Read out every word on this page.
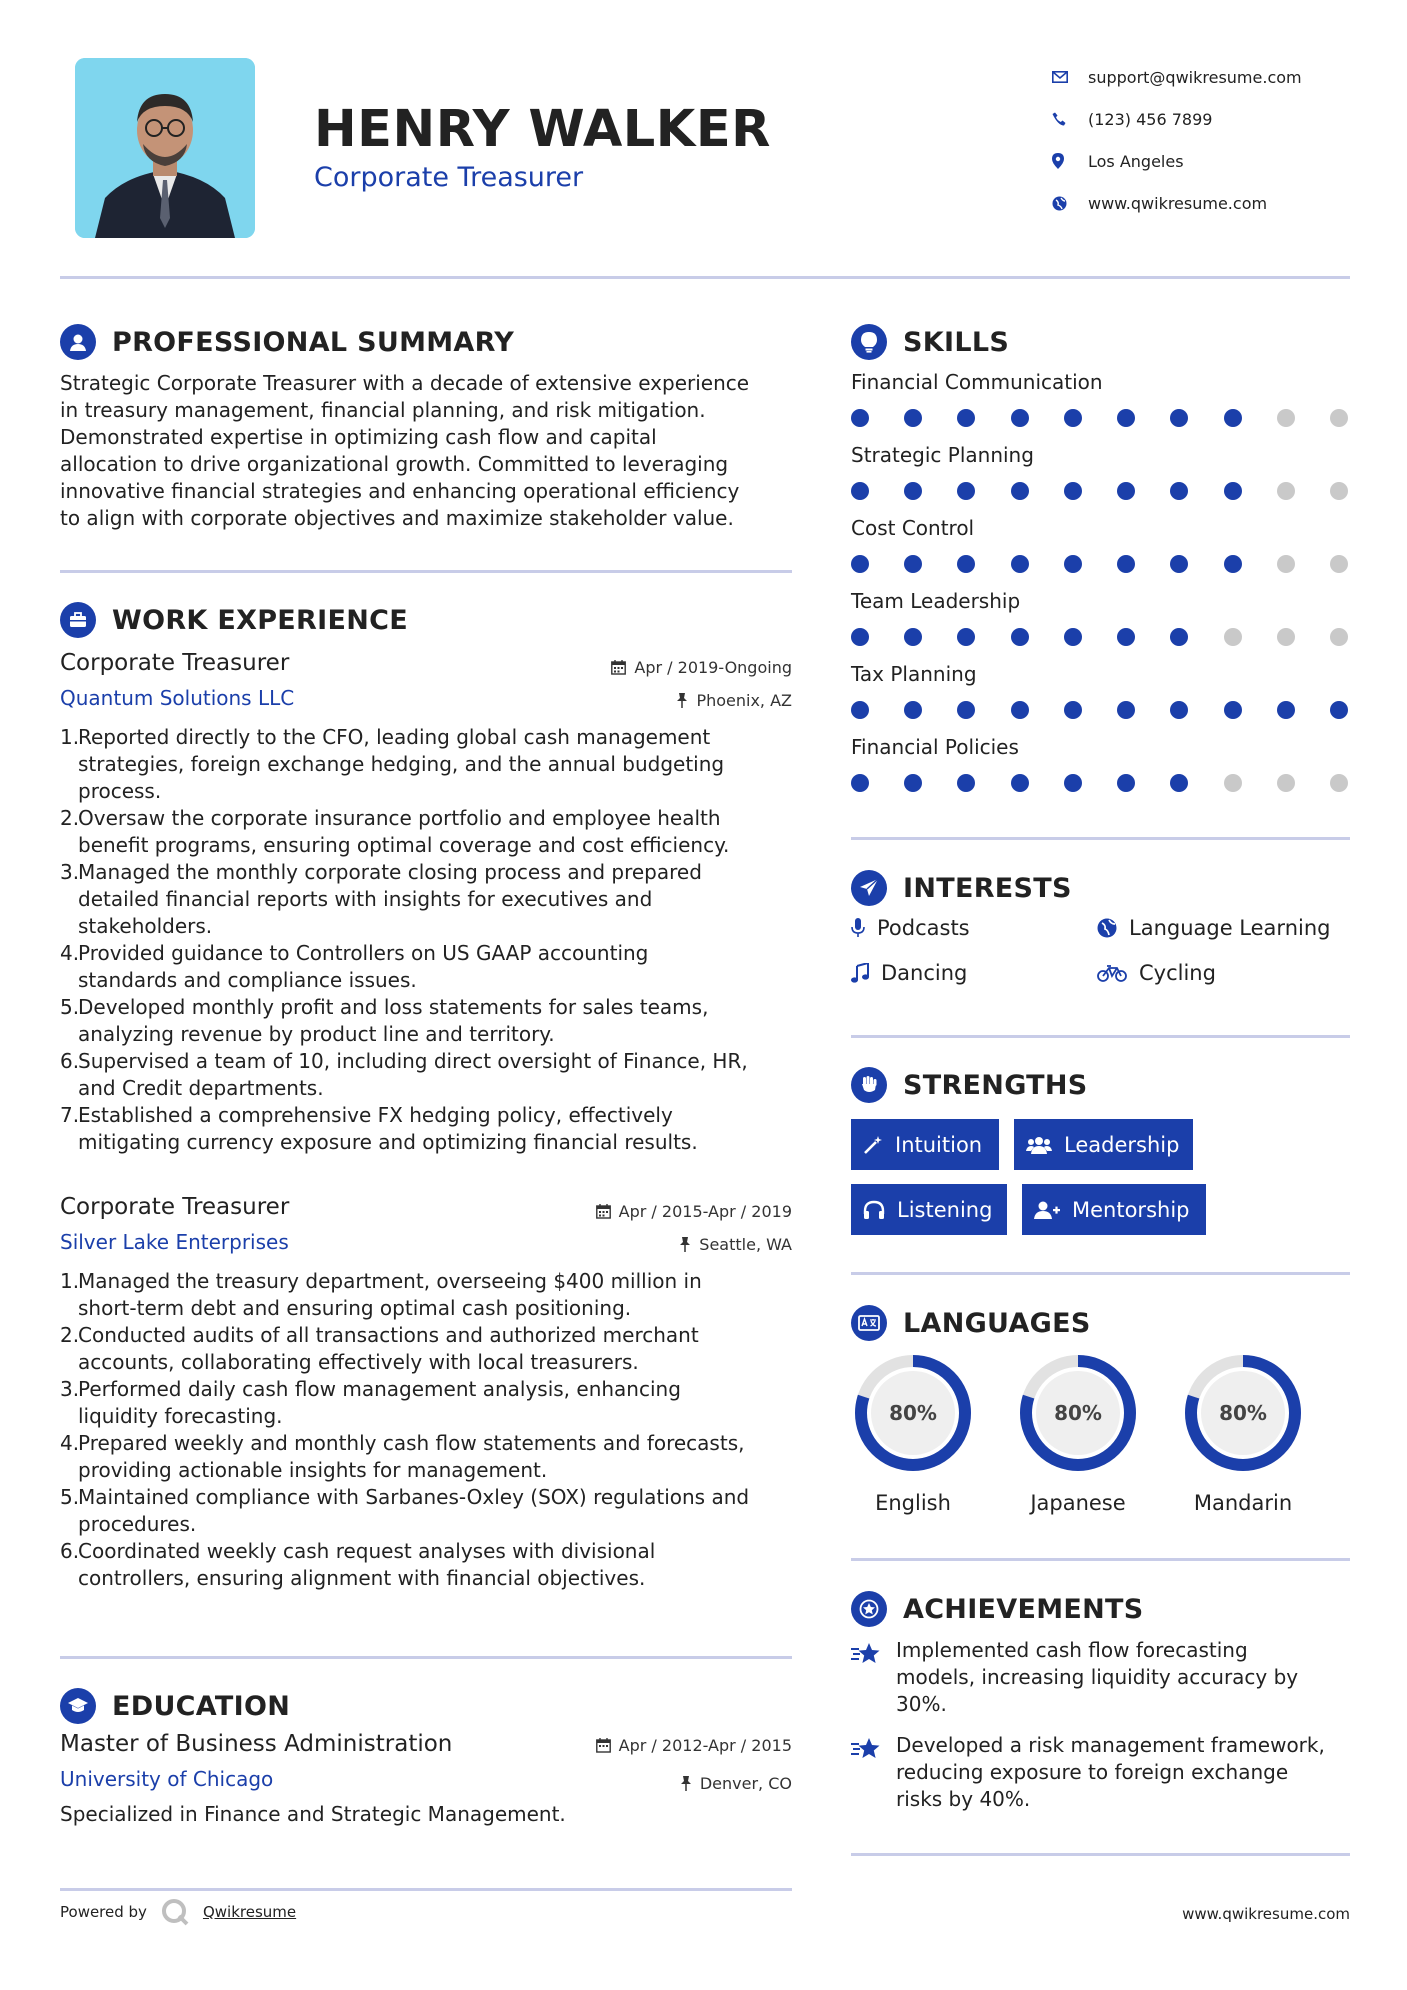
HENRY WALKER
Corporate Treasurer
support@qwikresume.com
(123) 456 7899
Los Angeles
www.qwikresume.com
PROFESSIONAL SUMMARY
Strategic Corporate Treasurer with a decade of extensive experience
in treasury management, financial planning, and risk mitigation.
Demonstrated expertise in optimizing cash flow and capital
allocation to drive organizational growth. Committed to leveraging
innovative financial strategies and enhancing operational efficiency
to align with corporate objectives and maximize stakeholder value.
WORK EXPERIENCE
Corporate Treasurer
Quantum Solutions LLC
Apr / 2019-Ongoing
Phoenix, AZ
1.
Reported directly to the CFO, leading global cash management
strategies, foreign exchange hedging, and the annual budgeting
process.
2.
Oversaw the corporate insurance portfolio and employee health
benefit programs, ensuring optimal coverage and cost efficiency.
3.
Managed the monthly corporate closing process and prepared
detailed financial reports with insights for executives and
stakeholders.
4.
Provided guidance to Controllers on US GAAP accounting
standards and compliance issues.
5.
Developed monthly profit and loss statements for sales teams,
analyzing revenue by product line and territory.
6.
Supervised a team of 10, including direct oversight of Finance, HR,
and Credit departments.
7.
Established a comprehensive FX hedging policy, effectively
mitigating currency exposure and optimizing financial results.
Corporate Treasurer
Silver Lake Enterprises
Apr / 2015-Apr / 2019
Seattle, WA
1.
Managed the treasury department, overseeing $400 million in
short-term debt and ensuring optimal cash positioning.
2.
Conducted audits of all transactions and authorized merchant
accounts, collaborating effectively with local treasurers.
3.
Performed daily cash flow management analysis, enhancing
liquidity forecasting.
4.
Prepared weekly and monthly cash flow statements and forecasts,
providing actionable insights for management.
5.
Maintained compliance with Sarbanes-Oxley (SOX) regulations and
procedures.
6.
Coordinated weekly cash request analyses with divisional
controllers, ensuring alignment with financial objectives.
EDUCATION
Master of Business Administration
University of Chicago
Apr / 2012-Apr / 2015
Denver, CO
Specialized in Finance and Strategic Management.
SKILLS
Financial Communication
Strategic Planning
Cost Control
Team Leadership
Tax Planning
Financial Policies
INTERESTS
Podcasts	Language Learning
Dancing	Cycling
STRENGTHS
Intuition	Leadership
Listening	Mentorship
LANGUAGES
80%
English
80%
Japanese
80%
Mandarin
ACHIEVEMENTS
Implemented cash flow forecasting
models, increasing liquidity accuracy by
30%.
Developed a risk management framework,
reducing exposure to foreign exchange
risks by 40%.
Powered by	Qwikresume	www.qwikresume.com
